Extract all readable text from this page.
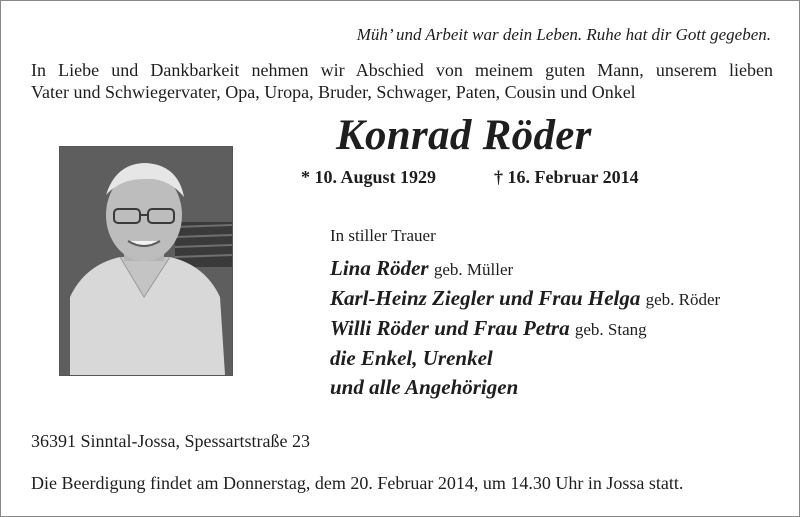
Müh’ und Arbeit war dein Leben. Ruhe hat dir Gott gegeben.
In Liebe und Dankbarkeit nehmen wir Abschied von meinem guten Mann, unserem lieben
Vater und Schwiegervater, Opa, Uropa, Bruder, Schwager, Paten, Cousin und Onkel
Konrad Röder
* 10. August 1929	† 16. Februar 2014
In stiller Trauer
Lina Röder geb. Müller
Karl-Heinz Ziegler und Frau Helga geb. Röder
Willi Röder und Frau Petra geb. Stang
die Enkel, Urenkel
und alle Angehörigen
36391 Sinntal-Jossa, Spessartstraße 23
Die Beerdigung findet am Donnerstag, dem 20. Februar 2014, um 14.30 Uhr in Jossa statt.
